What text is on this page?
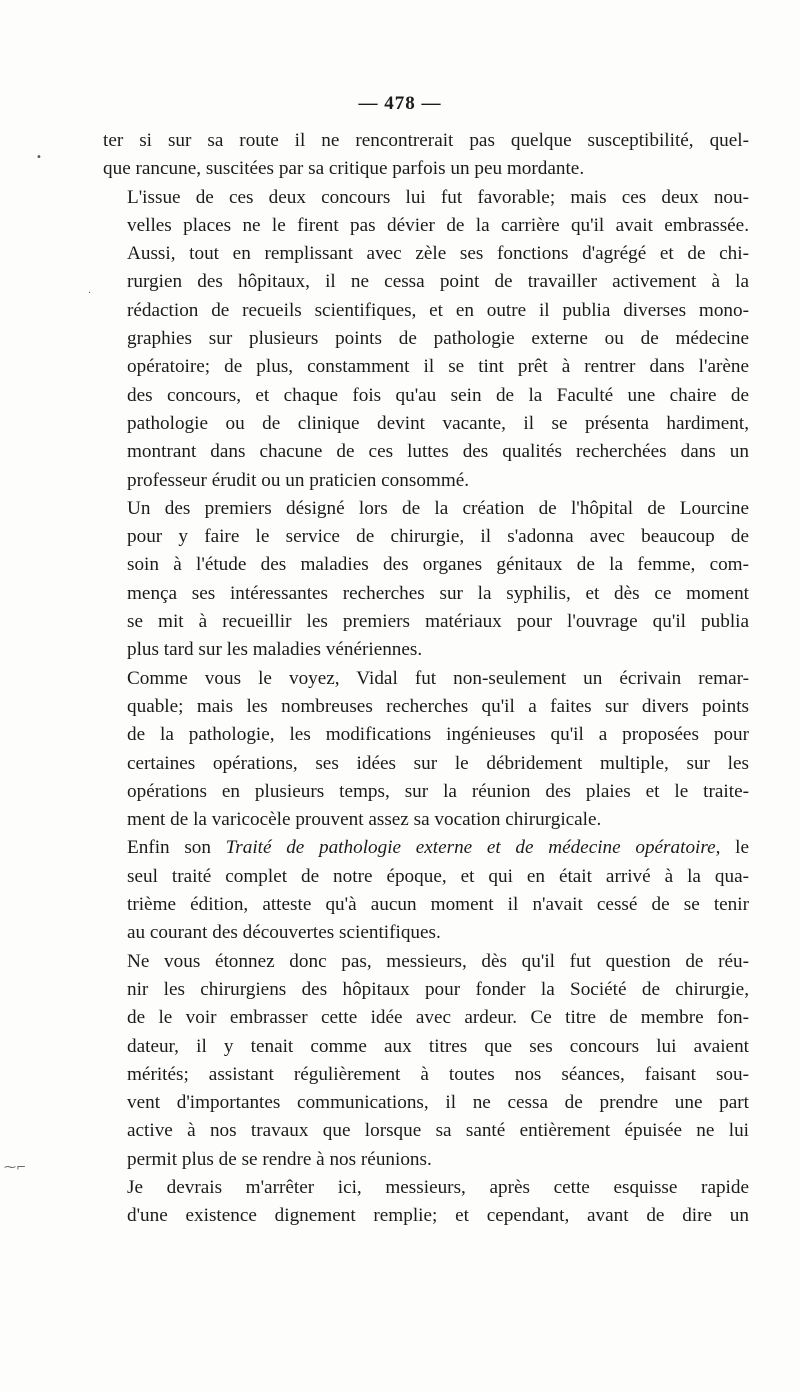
— 478 —
•
.
⁓⌐

ter si sur sa route il ne rencontrerait pas quelque susceptibilité, quel-
que rancune, suscitées par sa critique parfois un peu mordante.

L'issue de ces deux concours lui fut favorable; mais ces deux nou-
velles places ne le firent pas dévier de la carrière qu'il avait embrassée.
Aussi, tout en remplissant avec zèle ses fonctions d'agrégé et de chi-
rurgien des hôpitaux, il ne cessa point de travailler activement à la
rédaction de recueils scientifiques, et en outre il publia diverses mono-
graphies sur plusieurs points de pathologie externe ou de médecine
opératoire; de plus, constamment il se tint prêt à rentrer dans l'arène
des concours, et chaque fois qu'au sein de la Faculté une chaire de
pathologie ou de clinique devint vacante, il se présenta hardiment,
montrant dans chacune de ces luttes des qualités recherchées dans un
professeur érudit ou un praticien consommé.

Un des premiers désigné lors de la création de l'hôpital de Lourcine
pour y faire le service de chirurgie, il s'adonna avec beaucoup de
soin à l'étude des maladies des organes génitaux de la femme, com-
mença ses intéressantes recherches sur la syphilis, et dès ce moment
se mit à recueillir les premiers matériaux pour l'ouvrage qu'il publia
plus tard sur les maladies vénériennes.

Comme vous le voyez, Vidal fut non-seulement un écrivain remar-
quable; mais les nombreuses recherches qu'il a faites sur divers points
de la pathologie, les modifications ingénieuses qu'il a proposées pour
certaines opérations, ses idées sur le débridement multiple, sur les
opérations en plusieurs temps, sur la réunion des plaies et le traite-
ment de la varicocèle prouvent assez sa vocation chirurgicale.

Enfin son Traité de pathologie externe et de médecine opératoire, le
seul traité complet de notre époque, et qui en était arrivé à la qua-
trième édition, atteste qu'à aucun moment il n'avait cessé de se tenir
au courant des découvertes scientifiques.

Ne vous étonnez donc pas, messieurs, dès qu'il fut question de réu-
nir les chirurgiens des hôpitaux pour fonder la Société de chirurgie,
de le voir embrasser cette idée avec ardeur. Ce titre de membre fon-
dateur, il y tenait comme aux titres que ses concours lui avaient
mérités; assistant régulièrement à toutes nos séances, faisant sou-
vent d'importantes communications, il ne cessa de prendre une part
active à nos travaux que lorsque sa santé entièrement épuisée ne lui
permit plus de se rendre à nos réunions.

Je devrais m'arrêter ici, messieurs, après cette esquisse rapide
d'une existence dignement remplie; et cependant, avant de dire un
